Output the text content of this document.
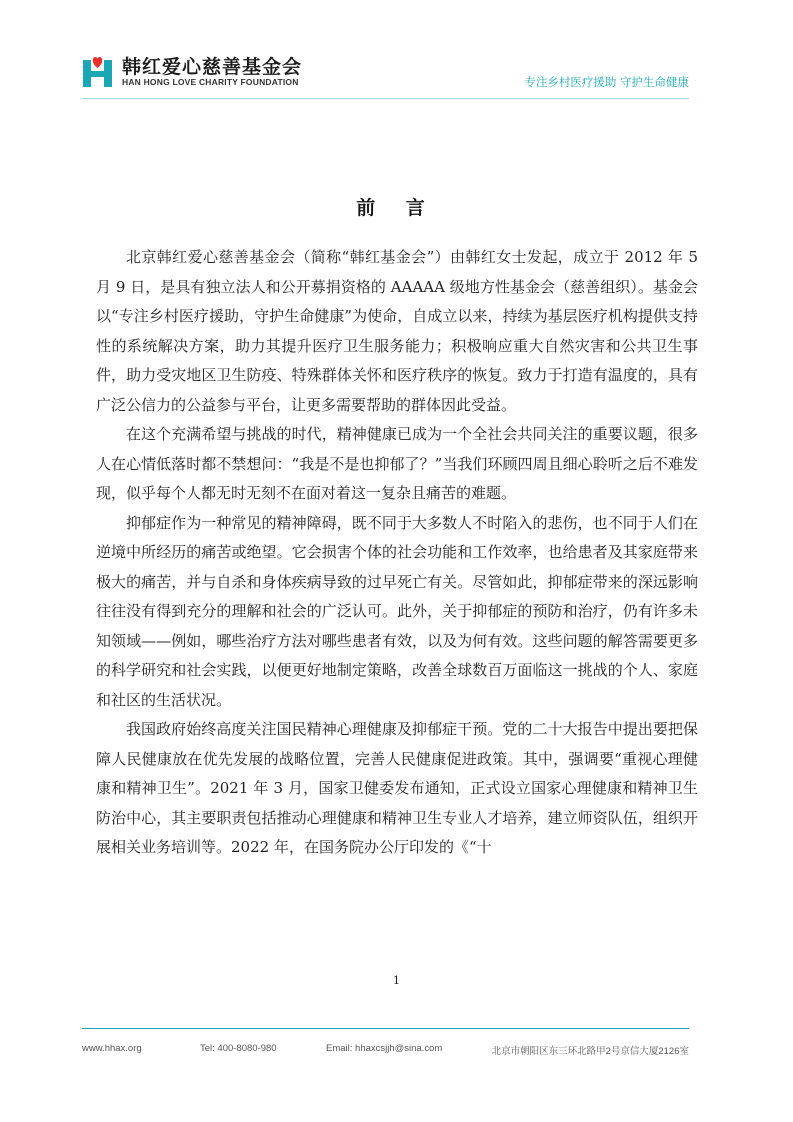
韩红爱心慈善基金会
HAN HONG LOVE CHARITY FOUNDATION	专注乡村医疗援助 守护生命健康
前 言

北京韩红爱心慈善基金会（简称“韩红基金会”）由韩红女士发起，成立于 2012 年 5 月 9 日，是具有独立法人和公开募捐资格的 AAAAA 级地方性基金会（慈善组织）。基金会以“专注乡村医疗援助，守护生命健康”为使命，自成立以来，持续为基层医疗机构提供支持性的系统解决方案，助力其提升医疗卫生服务能力；积极响应重大自然灾害和公共卫生事件，助力受灾地区卫生防疫、特殊群体关怀和医疗秩序的恢复。致力于打造有温度的，具有广泛公信力的公益参与平台，让更多需要帮助的群体因此受益。

在这个充满希望与挑战的时代，精神健康已成为一个全社会共同关注的重要议题，很多人在心情低落时都不禁想问：“我是不是也抑郁了？”当我们环顾四周且细心聆听之后不难发现，似乎每个人都无时无刻不在面对着这一复杂且痛苦的难题。

抑郁症作为一种常见的精神障碍，既不同于大多数人不时陷入的悲伤，也不同于人们在逆境中所经历的痛苦或绝望。它会损害个体的社会功能和工作效率，也给患者及其家庭带来极大的痛苦，并与自杀和身体疾病导致的过早死亡有关。尽管如此，抑郁症带来的深远影响往往没有得到充分的理解和社会的广泛认可。此外，关于抑郁症的预防和治疗，仍有许多未知领域——例如，哪些治疗方法对哪些患者有效，以及为何有效。这些问题的解答需要更多的科学研究和社会实践，以便更好地制定策略，改善全球数百万面临这一挑战的个人、家庭和社区的生活状况。

我国政府始终高度关注国民精神心理健康及抑郁症干预。党的二十大报告中提出要把保障人民健康放在优先发展的战略位置，完善人民健康促进政策。其中，强调要“重视心理健康和精神卫生”。2021 年 3 月，国家卫健委发布通知，正式设立国家心理健康和精神卫生防治中心，其主要职责包括推动心理健康和精神卫生专业人才培养，建立师资队伍，组织开展相关业务培训等。2022 年，在国务院办公厅印发的《“十

1
www.hhax.org	Tel: 400-8080-980	Email: hhaxcsjjh@sina.com	北京市朝阳区东三环北路甲2号京信大厦2126室
